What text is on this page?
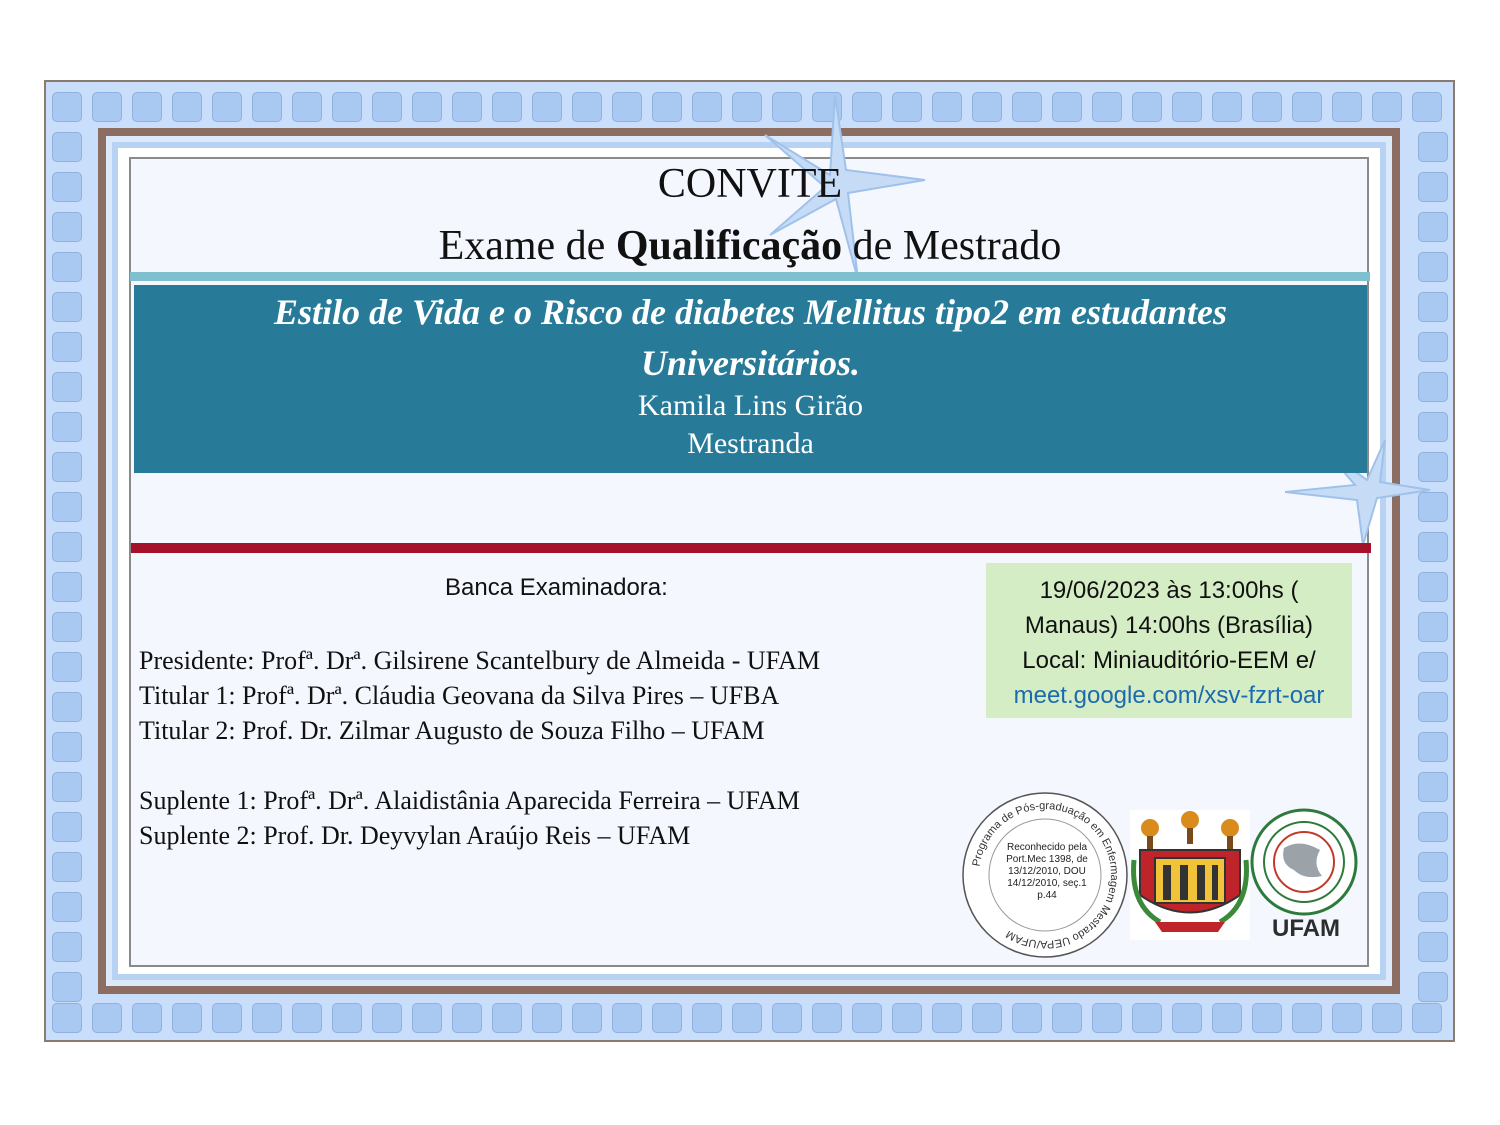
CONVITE
Exame de Qualificação de Mestrado
Estilo de Vida e o Risco de diabetes Mellitus tipo2 em estudantes
Universitários.
Kamila Lins Girão
Mestranda
Banca Examinadora:
Presidente: Profª. Drª. Gilsirene Scantelbury de Almeida - UFAM
Titular 1: Profª. Drª. Cláudia Geovana da Silva Pires – UFBA
Titular 2: Prof. Dr. Zilmar Augusto de Souza Filho – UFAM
Suplente 1: Profª. Drª. Alaidistânia Aparecida Ferreira – UFAM
Suplente 2: Prof. Dr. Deyvylan Araújo Reis – UFAM
19/06/2023 às 13:00hs (
Manaus) 14:00hs (Brasília)
Local: Miniauditório-EEM e/
meet.google.com/xsv-fzrt-oar
Programa de Pós-graduação em Enfermagem Mestrado UEPA/UFAM
Reconhecido pela
Port.Mec 1398, de
13/12/2010, DOU
14/12/2010, seç.1
p.44
UFAM
